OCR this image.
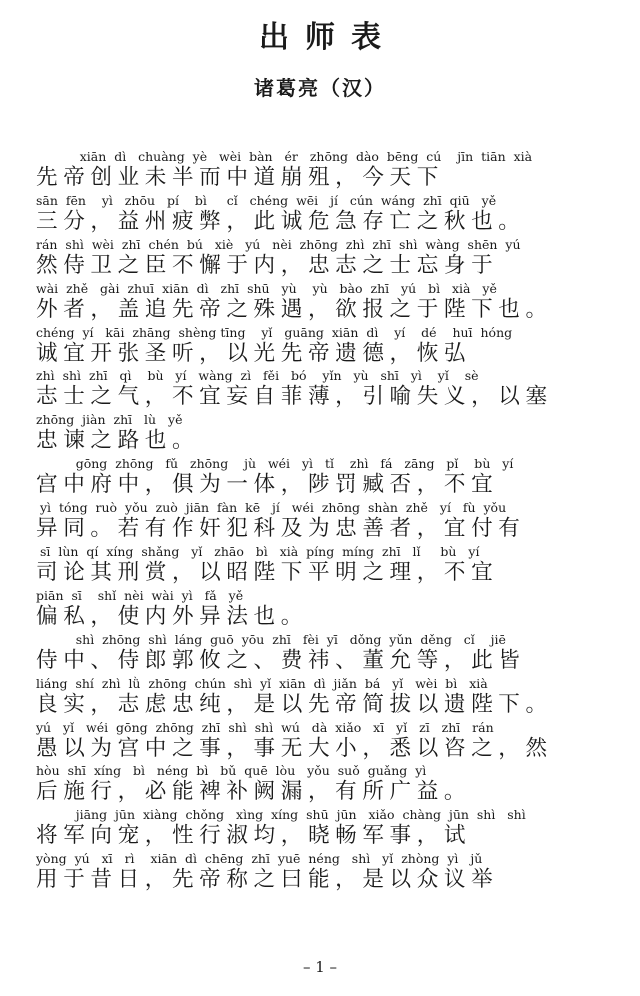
出师表
诸葛亮（汉）
xiān  dì   chuàng  yè   wèi  bàn   ér   zhōng  dào  bēng  cú    jīn  tiān  xià
先帝创业未半而中道崩殂，今天下
sān  fēn    yì   zhōu   pí    bì     cǐ   chéng  wēi   jí   cún  wáng  zhī  qiū   yě
三分，益州疲弊，此诚危急存亡之秋也。
rán  shì  wèi  zhī  chén  bú   xiè   yú   nèi  zhōng  zhì  zhī  shì  wàng  shēn  yú
然侍卫之臣不懈于内，忠志之士忘身于
wài  zhě   gài  zhuī  xiān  dì   zhī  shū   yù    yù   bào  zhī   yú   bì   xià   yě
外者，盖追先帝之殊遇，欲报之于陛下也。
chéng  yí   kāi  zhāng  shèng tīng    yǐ   guāng  xiān  dì    yí    dé    huī  hóng
诚宜开张圣听，以光先帝遗德，恢弘
zhì  shì  zhī   qì    bù   yí   wàng  zì   fěi   bó    yǐn   yù   shī   yì    yǐ    sè
志士之气，不宜妄自菲薄，引喻失义，以塞
zhōng  jiàn  zhī   lù   yě
忠谏之路也。
gōng  zhōng   fǔ   zhōng    jù   wéi   yì   tǐ    zhì   fá   zāng   pǐ    bù   yí
宫中府中，俱为一体，陟罚臧否，不宜
yì  tóng  ruò  yǒu  zuò  jiān  fàn  kē   jí   wéi  zhōng  shàn  zhě   yí   fù  yǒu
异同。若有作奸犯科及为忠善者，宜付有
sī  lùn  qí  xíng  shǎng   yǐ   zhāo   bì   xià  píng  míng  zhī   lǐ     bù   yí
司论其刑赏，以昭陛下平明之理，不宜
piān  sī    shǐ  nèi  wài  yì   fǎ   yě
偏私，使内外异法也。
shì  zhōng  shì  láng  guō  yōu  zhī   fèi  yī   dǒng  yǔn  děng   cǐ    jiē
侍中、侍郎郭攸之、费祎、董允等，此皆
liáng  shí  zhì  lǜ  zhōng  chún  shì  yǐ  xiān  dì  jiǎn  bá   yǐ   wèi  bì   xià
良实，志虑忠纯，是以先帝简拔以遗陛下。
yú   yǐ   wéi  gōng  zhōng  zhī  shì  shì  wú   dà  xiǎo   xī   yǐ   zī   zhī   rán
愚以为宫中之事，事无大小，悉以咨之，然
hòu  shī  xíng   bì   néng  bì   bǔ  quē  lòu   yǒu  suǒ  guǎng  yì
后施行，必能裨补阙漏，有所广益。
jiāng  jūn  xiàng  chǒng   xìng  xíng  shū  jūn   xiǎo  chàng  jūn  shì   shì
将军向宠，性行淑均，晓畅军事，试
yòng  yú   xī   rì    xiān  dì  chēng  zhī  yuē  néng   shì   yǐ  zhòng  yì   jǔ
用于昔日，先帝称之曰能，是以众议举
– 1 –
